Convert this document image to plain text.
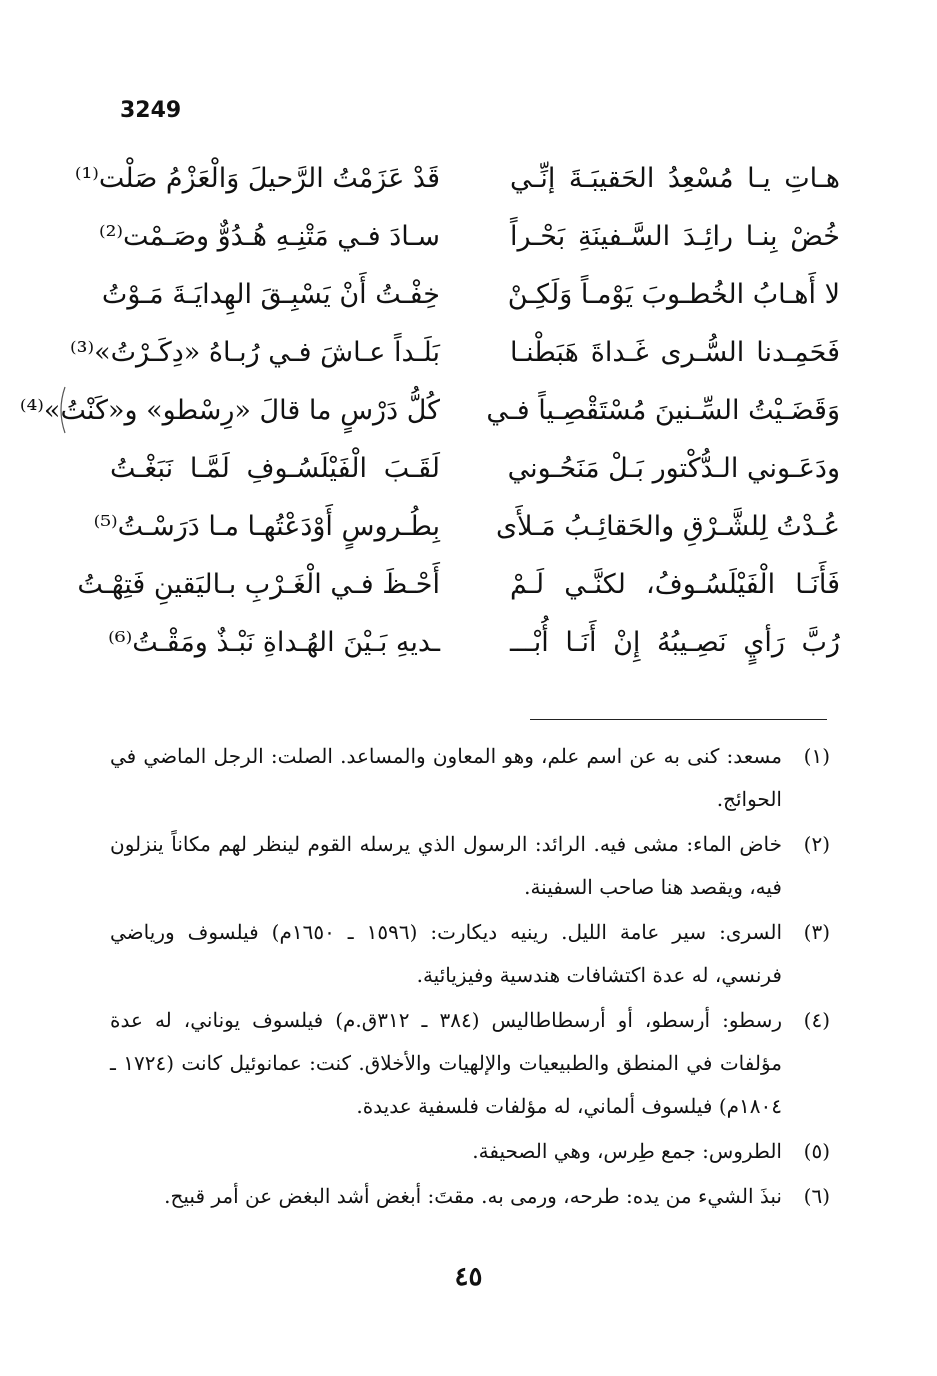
3249
هـاتِ يـا مُسْعِدُ الحَقيبَـةَ إنِّـي
قَدْ عَزَمْتُ الرَّحيلَ وَالْعَزْمُ صَلْت⁽¹⁾
خُضْ بِنـا رائِـدَ السَّـفينَةِ بَحْـراً
سـادَ فـي مَتْنِـهِ هُـدُوٌّ وصَـمْت⁽²⁾
لا أَهـابُ الخُطـوبَ يَوْمـاً وَلَكِـنْ
خِفْـتُ أَنْ يَسْبِـقَ الهِدايَـةَ مَـوْتُ
فَحَمِـدنا السُّـرى غَـداةَ هَبَطْنـا
بَلَـداً عـاشَ فـي رُبـاهُ «دِكَـرْتُ»⁽³⁾
وَقَضَـيْتُ السِّـنينَ مُسْتَقْصِـياً فـي
كُلُّ دَرْسٍ ما قالَ «رِسْطو» و«كَنْتُ»⁽⁴⁾
ودَعَـوني الـدُّكْتور بَـلْ مَنَحُـوني
لَقَـبَ الْفَيْلَسُـوفِ لَمَّـا نَبَغْـتُ
عُـدْتُ لِلشَّـرْقِ والحَقائِـبُ مَـلأَى
بِطُـروسٍ أَوْدَعْتُهـا مـا دَرَسْـتُ⁽⁵⁾
فَأَنَـا الْفَيْلَسُـوفُ، لكنَّـي لَـمْ
أَحْـظَ فـي الْغَـرْبِ بـاليَقينِ فَتِهْـتُ
رُبَّ رَأيٍ نَصِـيبُهُ إِنْ أَنَـا أُبْـــ
ـديهِ بَـيْنَ الهُـداةِ نَبْـذٌ ومَقْـتُ⁽⁶⁾
(١)
مسعد: كنى به عن اسم علم، وهو المعاون والمساعد. الصلت: الرجل الماضي في الحوائج.
(٢)
خاض الماء: مشى فيه. الرائد: الرسول الذي يرسله القوم لينظر لهم مكاناً ينزلون فيه، ويقصد هنا صاحب السفينة.
(٣)
السرى: سير عامة الليل. رينيه ديكارت: (١٥٩٦ ـ ١٦٥٠م) فيلسوف ورياضي فرنسي، له عدة اكتشافات هندسية وفيزيائية.
(٤)
رسطو: أرسطو، أو أرسطاطاليس (٣٨٤ ـ ٣١٢ق.م) فيلسوف يوناني، له عدة مؤلفات في المنطق والطبيعيات والإلهيات والأخلاق. كنت: عمانوئيل كانت (١٧٢٤ ـ ١٨٠٤م) فيلسوف ألماني، له مؤلفات فلسفية عديدة.
(٥)
الطروس: جمع طِرس، وهي الصحيفة.
(٦)
نبذَ الشيء من يده: طرحه، ورمى به. مقتَ: أبغض أشد البغض عن أمر قبيح.
٤٥
